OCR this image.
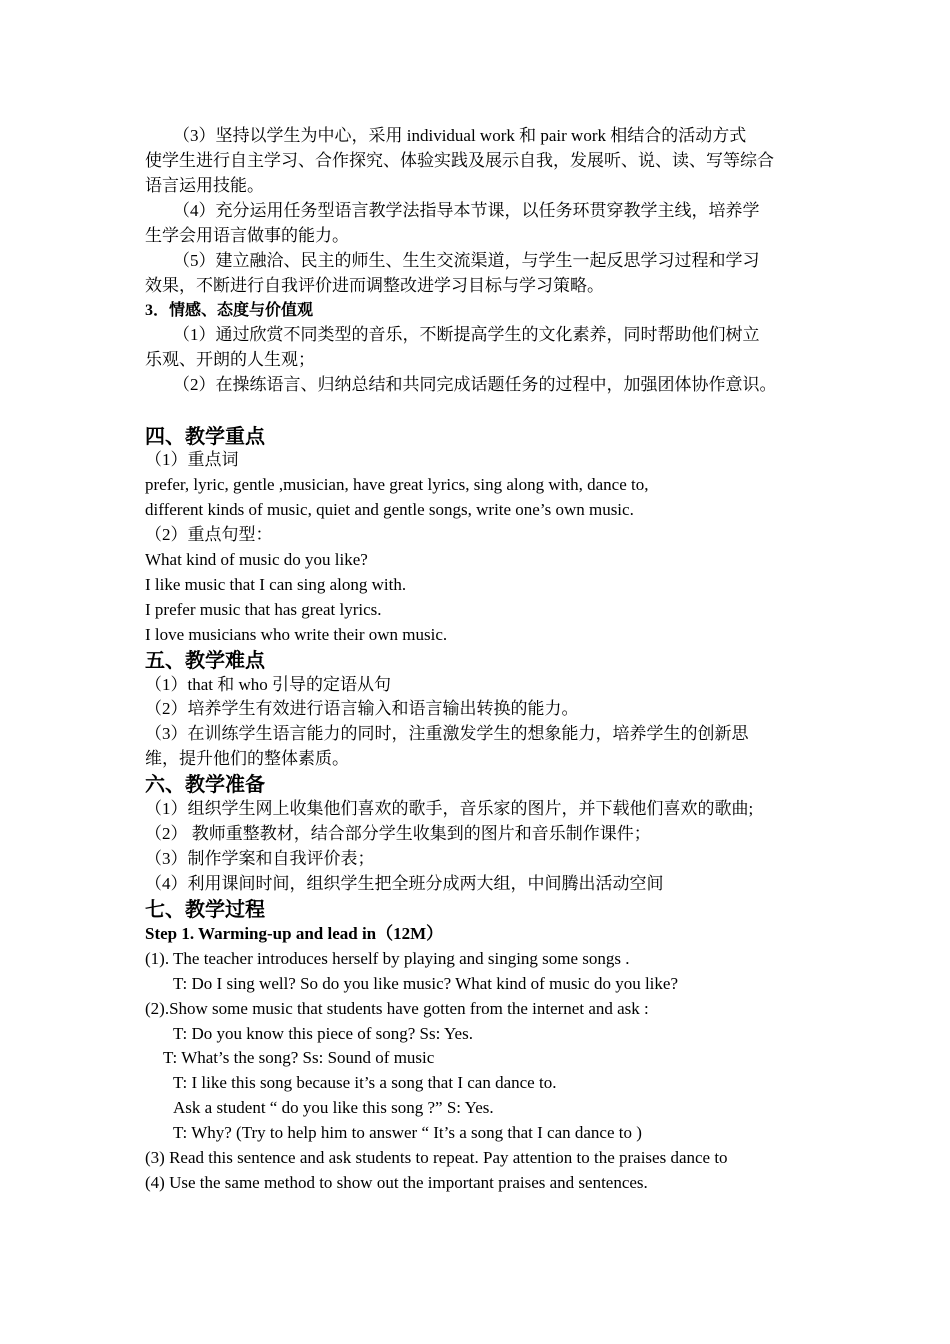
（3）坚持以学生为中心，采用 individual work 和 pair work 相结合的活动方式
使学生进行自主学习、合作探究、体验实践及展示自我，发展听、说、读、写等综合
语言运用技能。
（4）充分运用任务型语言教学法指导本节课，以任务环贯穿教学主线，培养学
生学会用语言做事的能力。
（5）建立融洽、民主的师生、生生交流渠道，与学生一起反思学习过程和学习
效果，不断进行自我评价进而调整改进学习目标与学习策略。
3．情感、态度与价值观
（1）通过欣赏不同类型的音乐，不断提高学生的文化素养，同时帮助他们树立
乐观、开朗的人生观；
（2）在操练语言、归纳总结和共同完成话题任务的过程中，加强团体协作意识。
四、教学重点
（1）重点词
prefer, lyric, gentle ,musician, have great lyrics, sing along with, dance to,
different kinds of music, quiet and gentle songs, write one’s own music.
（2）重点句型：
What kind of music do you like?
I like music that I can sing along with.
I prefer music that has great lyrics.
I love musicians who write their own music.
五、教学难点
（1）that 和 who 引导的定语从句
（2）培养学生有效进行语言输入和语言输出转换的能力。
（3）在训练学生语言能力的同时，注重激发学生的想象能力，培养学生的创新思
维，提升他们的整体素质。
六、教学准备
（1）组织学生网上收集他们喜欢的歌手，音乐家的图片，并下载他们喜欢的歌曲;
（2） 教师重整教材，结合部分学生收集到的图片和音乐制作课件；
（3）制作学案和自我评价表；
（4）利用课间时间，组织学生把全班分成两大组，中间腾出活动空间
七、教学过程
Step 1. Warming-up and lead in（12M）
(1). The teacher introduces herself by playing and singing some songs .
T: Do I sing well? So do you like music? What kind of music do you like?
(2).Show some music that students have gotten from the internet and ask :
T: Do you know this piece of song? Ss: Yes.
T: What’s the song? Ss: Sound of music
T: I like this song because it’s a song that I can dance to.
Ask a student “ do you like this song ?” S: Yes.
T: Why? (Try to help him to answer “ It’s a song that I can dance to )
(3) Read this sentence and ask students to repeat. Pay attention to the praises dance to
(4) Use the same method to show out the important praises and sentences.
